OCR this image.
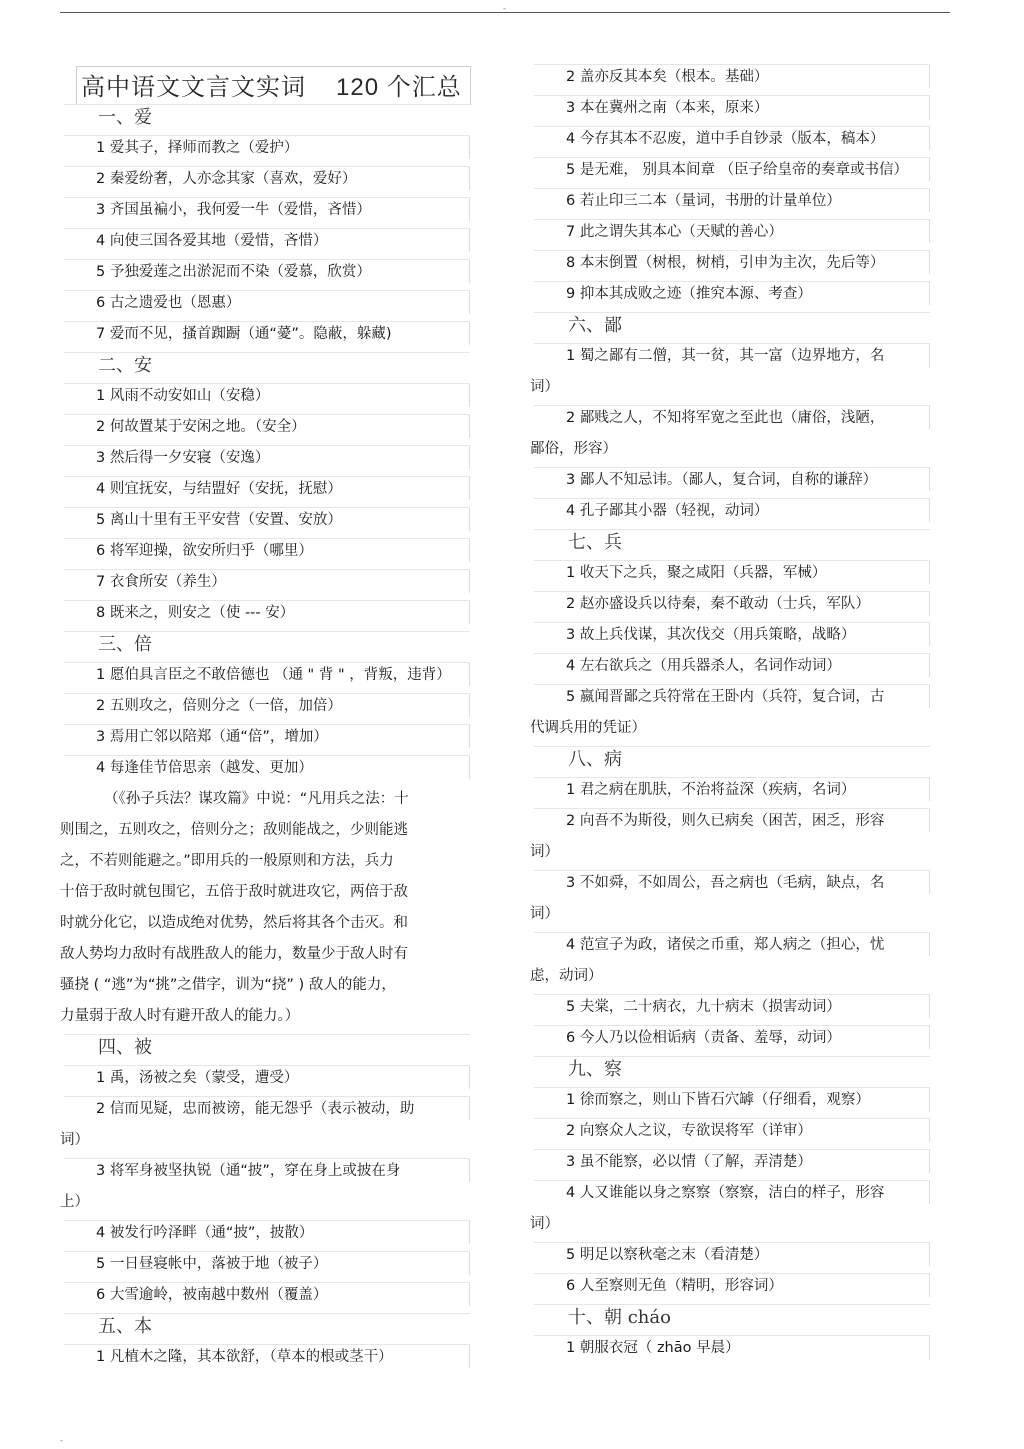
-
高中语文文言文实词 120 个汇总
一、爱
1 爱其子，择师而教之（爱护）
2 秦爱纷奢，人亦念其家（喜欢，爱好）
3 齐国虽褊小，我何爱一牛（爱惜，吝惜）
4 向使三国各爱其地（爱惜，吝惜）
5 予独爱莲之出淤泥而不染（爱慕，欣赏）
6 古之遗爱也（恩惠）
7 爱而不见，搔首踟蹰（通“薆”。隐蔽，躲藏)
二、安
1 风雨不动安如山（安稳）
2 何故置某于安闲之地。（安全）
3 然后得一夕安寝（安逸）
4 则宜抚安，与结盟好（安抚，抚慰）
5 离山十里有王平安营（安置、安放）
6 将军迎操，欲安所归乎（哪里）
7 衣食所安（养生）
8 既来之，则安之（使 --- 安）
三、倍
1 愿伯具言臣之不敢倍德也 （通 " 背 " ，背叛，违背）
2 五则攻之，倍则分之（一倍，加倍）
3 焉用亡邻以陪郑（通“倍”，增加）
4 每逢佳节倍思亲（越发、更加）
（《孙子兵法？谋攻篇》中说：“凡用兵之法：十
则围之，五则攻之，倍则分之；敌则能战之，少则能逃
之，不若则能避之。”即用兵的一般原则和方法，兵力
十倍于敌时就包围它，五倍于敌时就进攻它，两倍于敌
时就分化它，以造成绝对优势，然后将其各个击灭。和
敌人势均力敌时有战胜敌人的能力，数量少于敌人时有
骚挠 ( “逃”为“挑”之借字，训为“挠” ) 敌人的能力，
力量弱于敌人时有避开敌人的能力。）
四、被
1 禹，汤被之矣（蒙受，遭受）
2 信而见疑，忠而被谤，能无怨乎（表示被动，助
词）
3 将军身被坚执锐（通“披”，穿在身上或披在身
上）
4 被发行吟泽畔（通“披”，披散）
5 一日昼寝帐中，落被于地（被子）
6 大雪逾岭，被南越中数州（覆盖）
五、本
1 凡植木之隆，其本欲舒，（草本的根或茎干）
2 盖亦反其本矣（根本。基础）
3 本在冀州之南（本来，原来）
4 今存其本不忍废，道中手自钞录（版本，稿本）
5 是无难， 别具本间章 （臣子给皇帝的奏章或书信）
6 若止印三二本（量词，书册的计量单位）
7 此之谓失其本心（天赋的善心）
8 本末倒置（树根，树梢，引申为主次，先后等）
9 抑本其成败之迹（推究本源、考查）
六、鄙
1 蜀之鄙有二僧，其一贫，其一富（边界地方，名
词）
2 鄙贱之人，不知将军宽之至此也（庸俗，浅陋，
鄙俗，形容）
3 鄙人不知忌讳。（鄙人，复合词，自称的谦辞）
4 孔子鄙其小器（轻视，动词）
七、兵
1 收天下之兵，聚之咸阳（兵器，军械）
2 赵亦盛设兵以待秦，秦不敢动（士兵，军队）
3 故上兵伐谋，其次伐交（用兵策略，战略）
4 左右欲兵之（用兵器杀人，名词作动词）
5 嬴闻晋鄙之兵符常在王卧内（兵符，复合词，古
代调兵用的凭证）
八、病
1 君之病在肌肤，不治将益深（疾病，名词）
2 向吾不为斯役，则久已病矣（困苦，困乏，形容
词）
3 不如舜，不如周公，吾之病也（毛病，缺点，名
词）
4 范宣子为政，诸侯之币重，郑人病之（担心，忧
虑，动词）
5 夫棠，二十病衣，九十病末（损害动词）
6 今人乃以俭相诟病（责备、羞辱，动词）
九、察
1 徐而察之，则山下皆石穴罅（仔细看，观察）
2 向察众人之议，专欲误将军（详审）
3 虽不能察，必以情（了解，弄清楚）
4 人又谁能以身之察察（察察，洁白的样子，形容
词）
5 明足以察秋毫之末（看清楚）
6 人至察则无鱼（精明，形容词）
十、朝 cháo
1 朝服衣冠（ zhāo 早晨）
-
